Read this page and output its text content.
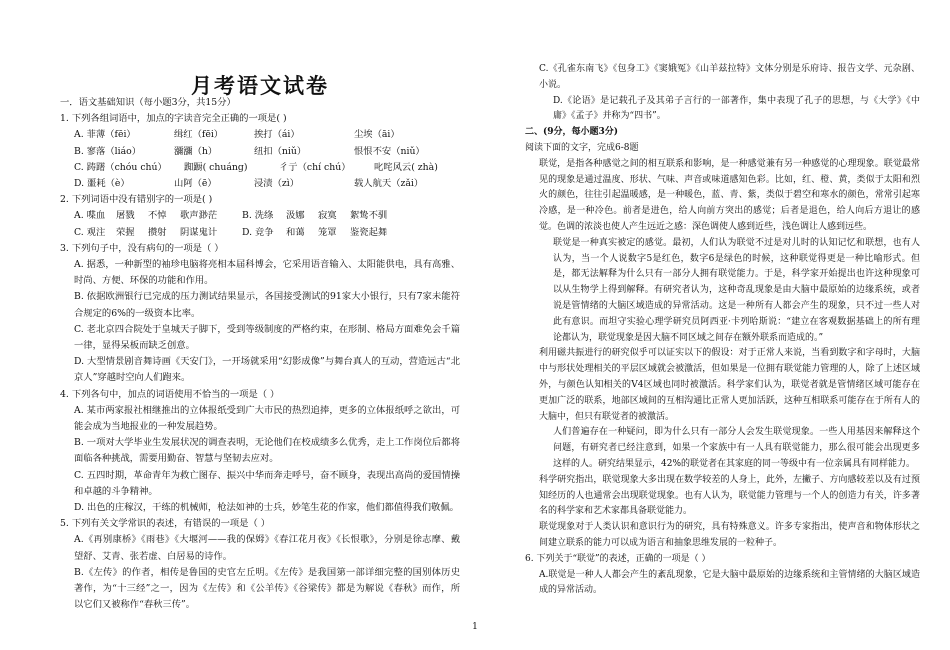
月考语文试卷
一．语文基础知识（每小题3分，共15分）
1. 下列各组词语中，加点的字读音完全正确的一项是( )
A. 菲薄（fēi）	缉红（fēi）	挨打（ái）	尘埃（āi）
B. 寥落（liáo）	瀰瀰（h）	纽扣（niǔ）	恨恨不安（niǔ）
C. 踌躇（chóu chú）	踟蹰( chuáng)	彳亍（chí chú）	叱咤风云( zhà)
D. 噩耗（è）	山阿（ē）	浸渍（zì）	载人航天（zǎi）
2. 下列词语中没有错别字的一项是( )
A. 喋血	屠戮	不悼	歌声渺茫	B. 洗绦	汲娜	寂寞	絮鸷不驯
C. 观注	荣握	攒射	阴谋鬼计	D. 竞争	和蔼	笼罩	鉴瓷起舞
3. 下列句子中，没有病句的一项是（ ）
A. 据悉，一种新型的袖珍电脑将亮相本届科博会，它采用语音输入、太阳能供电，具有高雅、时尚、方便、环保的功能和作用。
B. 依据欧洲银行已完成的压力测试结果显示，各国接受测试的91家大小银行，只有7家未能符合规定的6%的一级资本比率。
C. 老北京四合院处于皇城天子脚下，受到等级制度的严格约束，在形制、格局方面难免会千篇一律，显得呆板而缺乏创意。
D. 大型情景剧音舞诗画《天安门》，一开场就采用“幻影成像”与舞台真人的互动，营造远古“北京人”穿越时空向人们跑来。
4. 下列各句中，加点的词语使用不恰当的一项是（ ）
A. 某市两家报社相继推出的立体报纸受到广大市民的热烈追捧，更多的立体报纸呼之欲出，可能会成为当地报业的一种发展趋势。
B. 一项对大学毕业生发展状况的调查表明，无论他们在校成绩多么优秀，走上工作岗位后都将面临各种挑战，需要用勤奋、智慧与坚韧去应对。
C. 五四时期，革命青年为救亡图存、振兴中华而奔走呼号，奋不顾身，表现出高尚的爱国情操和卓越的斗争精神。
D. 出色的庄稼汉，干练的机械师，枪法如神的士兵，妙笔生花的作家，他们都值得我们敬佩。
5. 下列有关文学常识的表述，有错误的一项是（ ）
A.《再别康桥》《雨巷》《大堰河——我的保姆》《春江花月夜》《长恨歌》，分别是徐志摩、戴望舒、艾青、张若虚、白居易的诗作。
B.《左传》的作者，相传是鲁国的史官左丘明。《左传》是我国第一部详细完整的国别体历史著作，为“十三经”之一，因为《左传》和《公羊传》《谷梁传》都是为解说《春秋》而作，所以它们又被称作“春秋三传”。
C.《孔雀东南飞》《包身工》《窦娥冤》《山羊兹拉特》文体分别是乐府诗、报告文学、元杂剧、小说。
D.《论语》是记载孔子及其弟子言行的一部著作，集中表现了孔子的思想，与《大学》《中庸》《孟子》并称为“四书”。
二、(9分，每小题3分)
阅读下面的文字，完成6-8题
联觉，是指各种感觉之间的相互联系和影响，是一种感觉兼有另一种感觉的心理现象。联觉最常见的现象是通过温度、形状、气味、声音或味道感知色彩。比如，红、橙、黄，类似于太阳和烈火的颜色，往往引起温暖感，是一种暖色，蓝、青、紫，类似于碧空和寒水的颜色，常常引起寒冷感，是一种冷色。前者是进色，给人向前方突出的感觉；后者是退色，给人向后方退让的感觉。色调的浓淡也使人产生远近之感：深色调使人感到近些，浅色调让人感到远些。
联觉是一种真实被定的感觉。最初，人们认为联觉不过是对儿时的认知记忆和联想，也有人认为，当一个人说数字5是红色，数字6是绿色的时候，这种联觉得更是一种比喻形式。但是，都无法解释为什么只有一部分人拥有联觉能力。于是，科学家开始提出也许这种现象可以从生物学上得到解释。有研究者认为，这种奇乱现象是由大脑中最原始的边缘系统，或者说是管情绪的大脑区域造成的异常活动。这是一种所有人都会产生的现象，只不过一些人对此有意识。而坦守实验心理学研究员阿西亚·卡列哈斯说：“建立在客观数据基础上的所有理论都认为，联觉现象是因大脑不同区域之间存在额外联系而造成的。”
利用磁共振进行的研究似乎可以证实以下的假设：对于正常人来说，当看到数字和字母时，大脑中与形状处理相关的平层区域就会被激活，但如果是一位拥有联觉能力管理的人，除了上述区域外，与颜色认知相关的V4区域也同时被激活。科学家们认为，联觉者就是管情绪区域可能存在更加广泛的联系，地部区域间的互相沟通比正常人更加活跃，这种互相联系可能存在于所有人的大脑中，但只有联觉者的被激活。
人们普遍存在一种疑问，即为什么只有一部分人会发生联觉现象。一些人用基因来解释这个问题，有研究者已经注意到，如果一个家族中有一人具有联觉能力，那么很可能会出现更多这样的人。研究结果显示，42%的联觉者在其家庭的同一等级中有一位亲属具有同样能力。
科学研究指出，联觉现象大多出现在数学较差的人身上，此外，左撇子、方向感较差以及有过预知经历的人也通常会出现联觉现象。也有人认为，联觉能力管理与一个人的创造力有关，许多著名的科学家和艺术家都具备联觉能力。
联觉现象对于人类认识和意识行为的研究，具有特殊意义。许多专家指出，使声音和物体形状之间建立联系的能力可以成为语言和抽象思维发展的一粒种子。
6. 下列关于“联觉”的表述，正确的一项是（ ）
A.联觉是一种人人都会产生的紊乱现象，它是大脑中最原始的边缘系统和主管情绪的大脑区域造成的异常活动。
1
